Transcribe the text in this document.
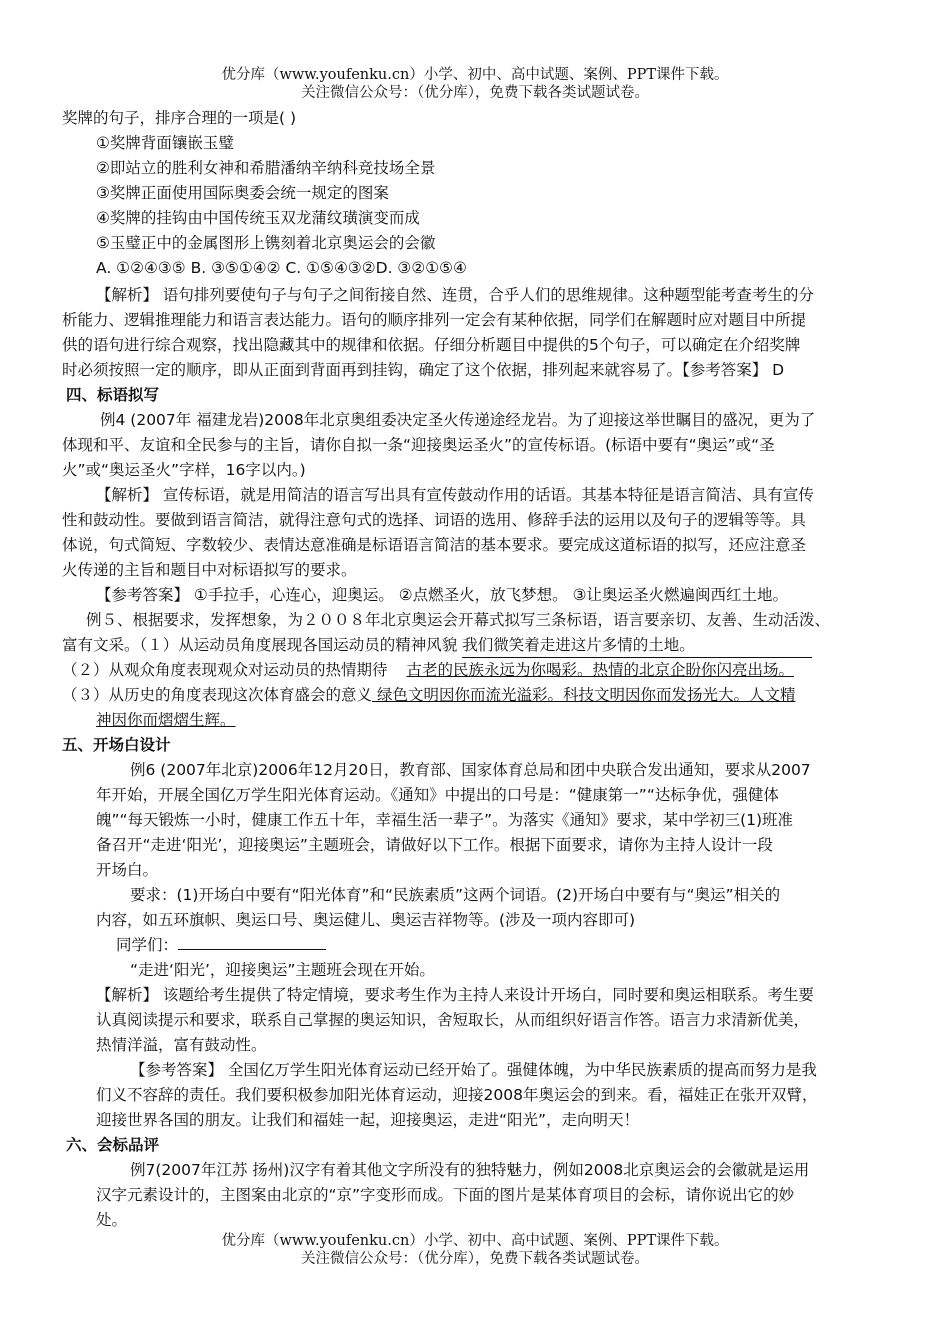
优分库（www.youfenku.cn）小学、初中、高中试题、案例、PPT课件下载。
关注微信公众号：（优分库），免费下载各类试题试卷。
奖牌的句子，排序合理的一项是( )
①奖牌背面镶嵌玉璧
②即站立的胜利女神和希腊潘纳辛纳科竞技场全景
③奖牌正面使用国际奥委会统一规定的图案
④奖牌的挂钩由中国传统玉双龙蒲纹璜演变而成
⑤玉璧正中的金属图形上镌刻着北京奥运会的会徽
A. ①②④③⑤ B. ③⑤①④② C. ①⑤④③②D. ③②①⑤④
【解析】 语句排列要使句子与句子之间衔接自然、连贯，合乎人们的思维规律。这种题型能考查考生的分
析能力、逻辑推理能力和语言表达能力。语句的顺序排列一定会有某种依据，同学们在解题时应对题目中所提
供的语句进行综合观察，找出隐藏其中的规律和依据。仔细分析题目中提供的5个句子，可以确定在介绍奖牌
时必须按照一定的顺序，即从正面到背面再到挂钩，确定了这个依据，排列起来就容易了。【参考答案】 D
四、标语拟写
例4 (2007年 福建龙岩)2008年北京奥组委决定圣火传递途经龙岩。为了迎接这举世瞩目的盛况，更为了
体现和平、友谊和全民参与的主旨，请你自拟一条“迎接奥运圣火”的宣传标语。(标语中要有“奥运”或“圣
火”或“奥运圣火”字样，16字以内。)
【解析】 宣传标语，就是用简洁的语言写出具有宣传鼓动作用的话语。其基本特征是语言简洁、具有宣传
性和鼓动性。要做到语言简洁，就得注意句式的选择、词语的选用、修辞手法的运用以及句子的逻辑等等。具
体说，句式简短、字数较少、表情达意准确是标语语言简洁的基本要求。要完成这道标语的拟写，还应注意圣
火传递的主旨和题目中对标语拟写的要求。
【参考答案】 ①手拉手，心连心，迎奥运。 ②点燃圣火，放飞梦想。 ③让奥运圣火燃遍闽西红土地。
例５、根据要求，发挥想象，为２００８年北京奥运会开幕式拟写三条标语，语言要亲切、友善、生动活泼、
富有文采。（１）从运动员角度展现各国运动员的精神风貌 我们微笑着走进这片多情的土地。
（２）从观众角度表现观众对运动员的热情期待 古老的民族永远为你喝彩。热情的北京企盼你闪亮出场。
（３）从历史的角度表现这次体育盛会的意义 绿色文明因你而流光溢彩。科技文明因你而发扬光大。人文精
神因你而熠熠生辉。
五、开场白设计
例6 (2007年北京)2006年12月20日，教育部、国家体育总局和团中央联合发出通知，要求从2007
年开始，开展全国亿万学生阳光体育运动。《通知》中提出的口号是：“健康第一”“达标争优，强健体
魄”“每天锻炼一小时，健康工作五十年，幸福生活一辈子”。为落实《通知》要求，某中学初三(1)班准
备召开“走进‘阳光’，迎接奥运”主题班会，请做好以下工作。根据下面要求，请你为主持人设计一段
开场白。
要求：(1)开场白中要有“阳光体育”和“民族素质”这两个词语。(2)开场白中要有与“奥运”相关的
内容，如五环旗帜、奥运口号、奥运健儿、奥运吉祥物等。(涉及一项内容即可)
同学们：
“走进‘阳光’，迎接奥运”主题班会现在开始。
【解析】 该题给考生提供了特定情境，要求考生作为主持人来设计开场白，同时要和奥运相联系。考生要
认真阅读提示和要求，联系自己掌握的奥运知识，舍短取长，从而组织好语言作答。语言力求清新优美，
热情洋溢，富有鼓动性。
【参考答案】 全国亿万学生阳光体育运动已经开始了。强健体魄，为中华民族素质的提高而努力是我
们义不容辞的责任。我们要积极参加阳光体育运动，迎接2008年奥运会的到来。看，福娃正在张开双臂，
迎接世界各国的朋友。让我们和福娃一起，迎接奥运，走进“阳光”，走向明天！
六、会标品评
例7(2007年江苏 扬州)汉字有着其他文字所没有的独特魅力，例如2008北京奥运会的会徽就是运用
汉字元素设计的，主图案由北京的“京”字变形而成。下面的图片是某体育项目的会标，请你说出它的妙
处。
优分库（www.youfenku.cn）小学、初中、高中试题、案例、PPT课件下载。
关注微信公众号：（优分库），免费下载各类试题试卷。
